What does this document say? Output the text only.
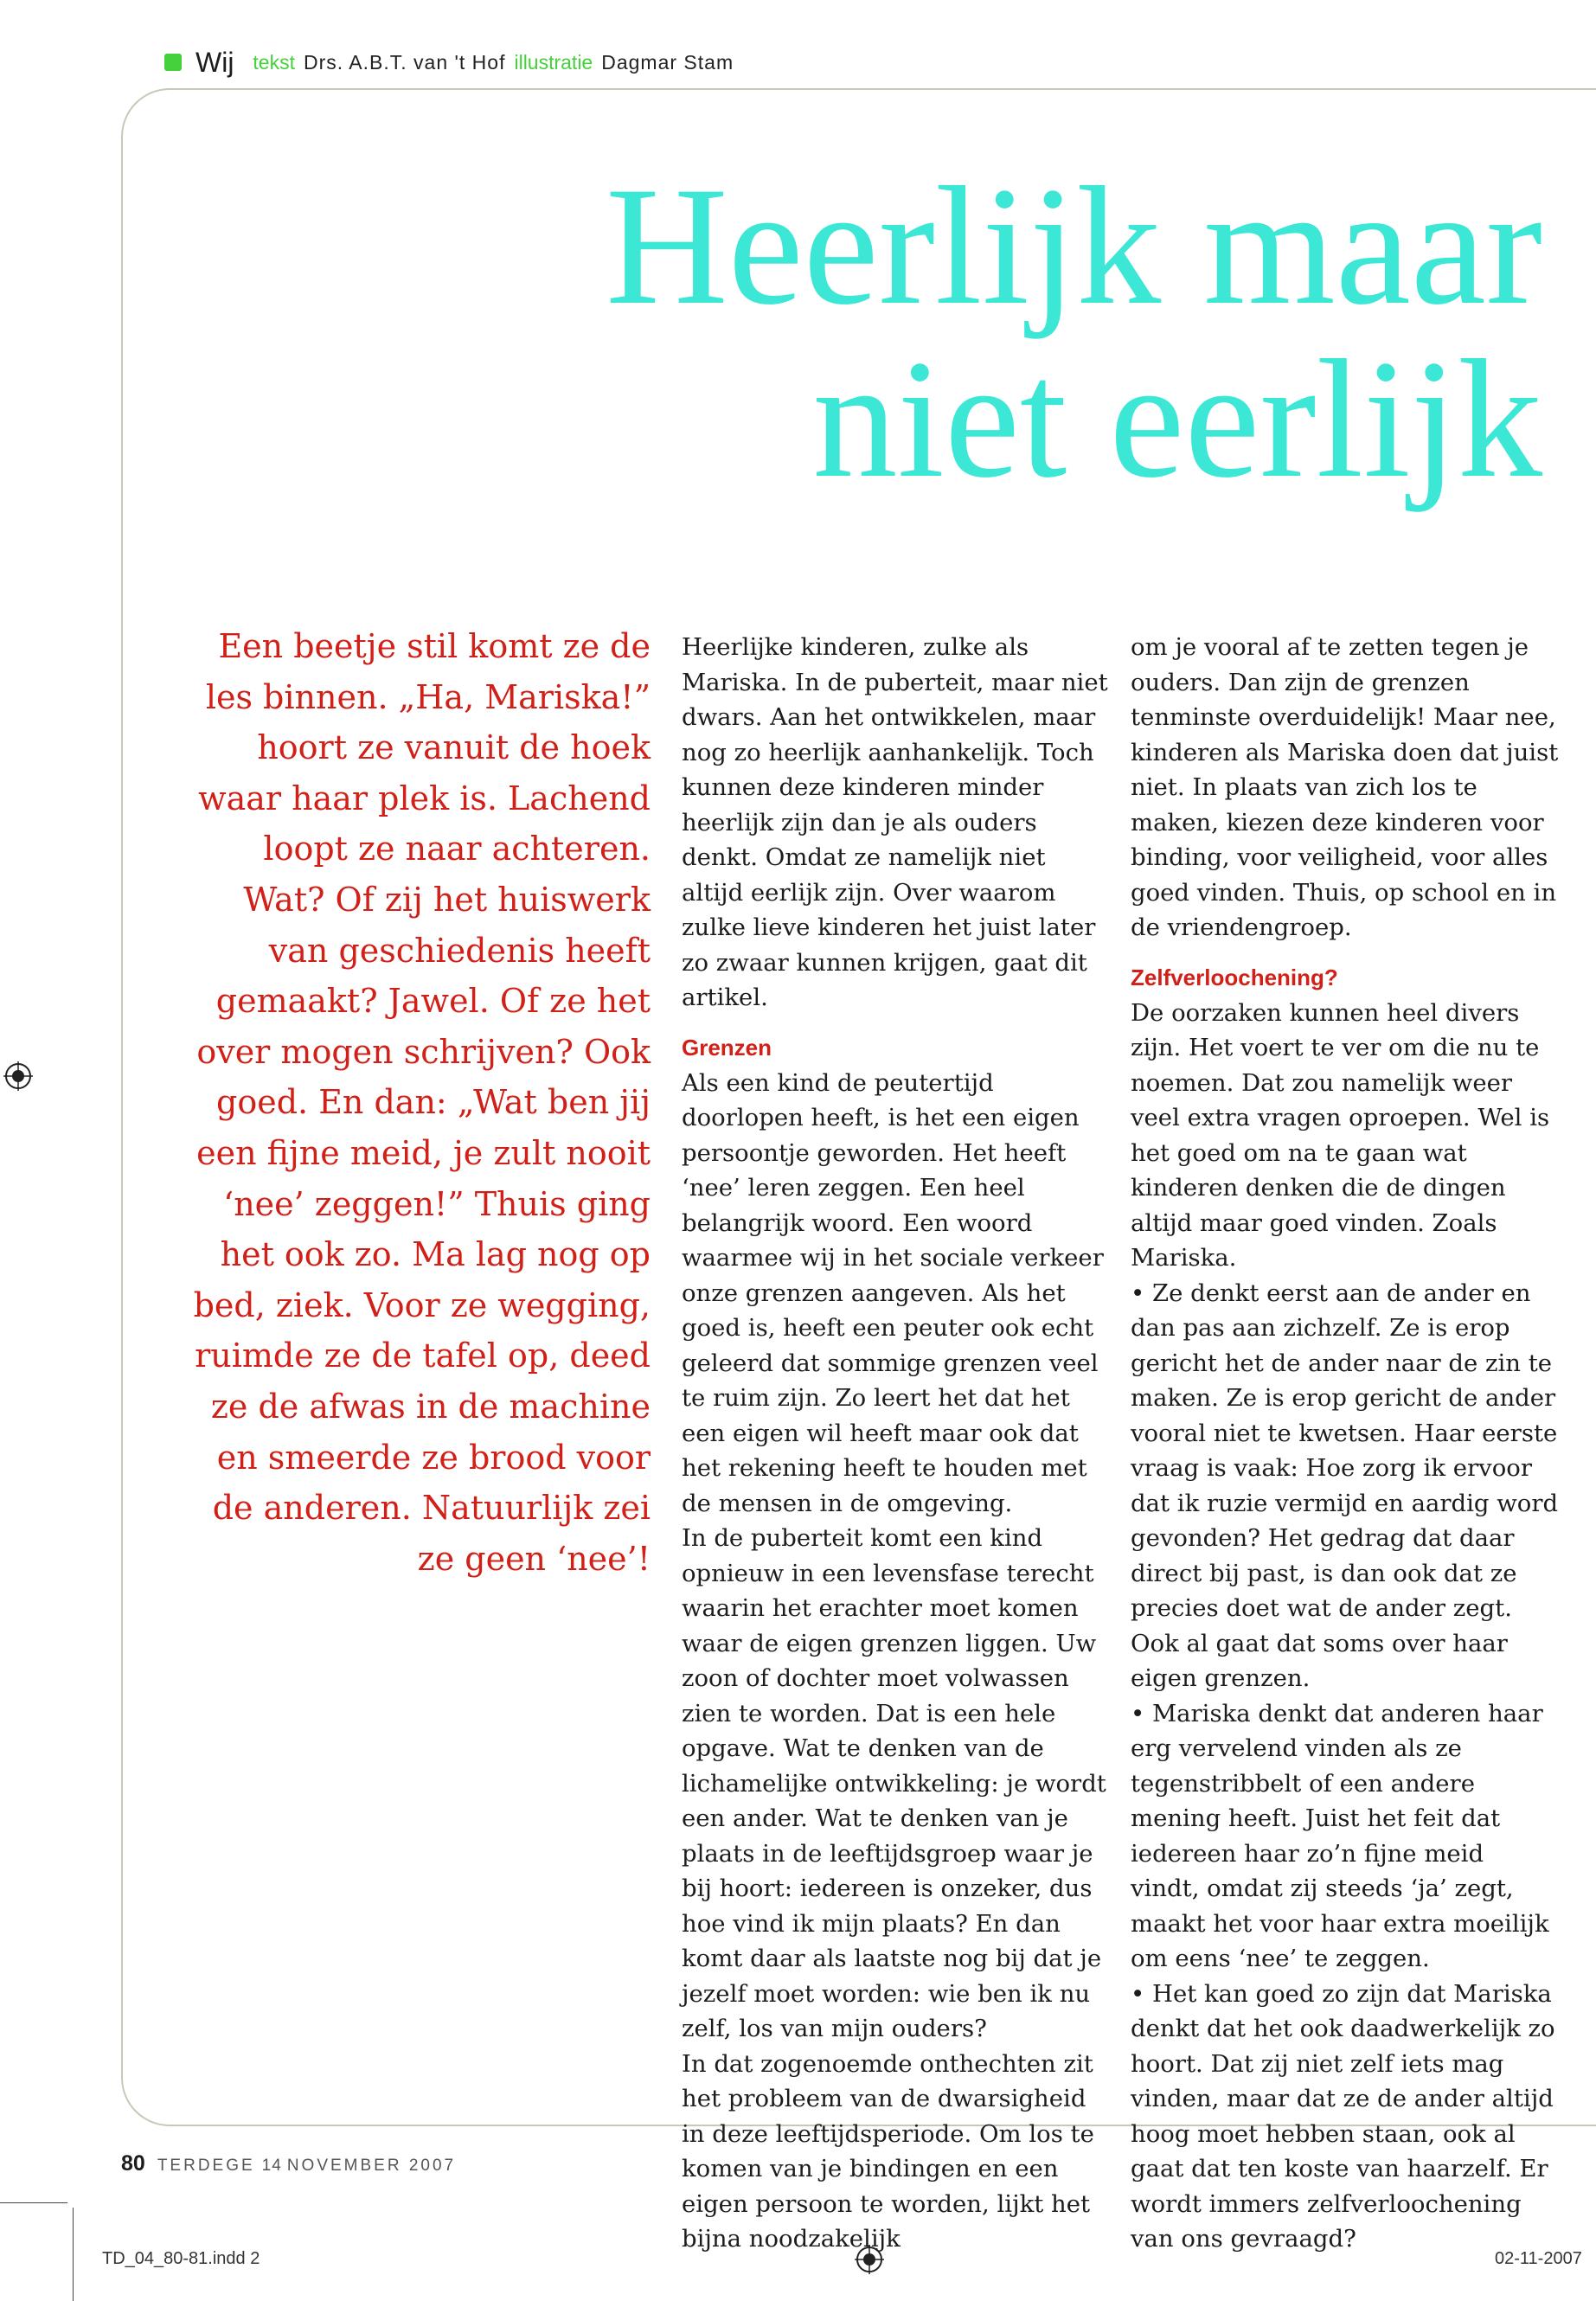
Wij tekst Drs. A.B.T. van 't Hof illustratie Dagmar Stam
Heerlijk maar
niet eerlijk
Een beetje stil komt ze de les binnen. „Ha, Mariska!” hoort ze vanuit de hoek waar haar plek is. Lachend loopt ze naar achteren. Wat? Of zij het huiswerk van geschiedenis heeft gemaakt? Jawel. Of ze het over mogen schrijven? Ook goed. En dan: „Wat ben jij een fijne meid, je zult nooit ‘nee’ zeggen!” Thuis ging het ook zo. Ma lag nog op bed, ziek. Voor ze wegging, ruimde ze de tafel op, deed ze de afwas in de machine en smeerde ze brood voor de anderen. Natuurlijk zei ze geen ‘nee’!

Heerlijke kinderen, zulke als Mariska. In de puberteit, maar niet dwars. Aan het ontwikkelen, maar nog zo heerlijk aanhankelijk. Toch kunnen deze kinderen minder heerlijk zijn dan je als ouders denkt. Omdat ze namelijk niet altijd eerlijk zijn. Over waarom zulke lieve kinderen het juist later zo zwaar kunnen krijgen, gaat dit artikel.

Grenzen

Als een kind de peutertijd doorlopen heeft, is het een eigen persoontje geworden. Het heeft ‘nee’ leren zeggen. Een heel belangrijk woord. Een woord waarmee wij in het sociale verkeer onze grenzen aangeven. Als het goed is, heeft een peuter ook echt geleerd dat sommige grenzen veel te ruim zijn. Zo leert het dat het een eigen wil heeft maar ook dat het rekening heeft te houden met de mensen in de omgeving.

In de puberteit komt een kind opnieuw in een levensfase terecht waarin het erachter moet komen waar de eigen grenzen liggen. Uw zoon of dochter moet volwassen zien te worden. Dat is een hele opgave. Wat te denken van de lichamelijke ontwikkeling: je wordt een ander. Wat te denken van je plaats in de leeftijdsgroep waar je bij hoort: iedereen is onzeker, dus hoe vind ik mijn plaats? En dan komt daar als laatste nog bij dat je jezelf moet worden: wie ben ik nu zelf, los van mijn ouders?

In dat zogenoemde onthechten zit het probleem van de dwarsigheid in deze leeftijdsperiode. Om los te komen van je bindingen en een eigen persoon te worden, lijkt het bijna noodzakelijk

om je vooral af te zetten tegen je ouders. Dan zijn de grenzen tenminste overduidelijk! Maar nee, kinderen als Mariska doen dat juist niet. In plaats van zich los te maken, kiezen deze kinderen voor binding, voor veiligheid, voor alles goed vinden. Thuis, op school en in de vriendengroep.

Zelfverloochening?

De oorzaken kunnen heel divers zijn. Het voert te ver om die nu te noemen. Dat zou namelijk weer veel extra vragen oproepen. Wel is het goed om na te gaan wat kinderen denken die de dingen altijd maar goed vinden. Zoals Mariska.

• Ze denkt eerst aan de ander en dan pas aan zichzelf. Ze is erop gericht het de ander naar de zin te maken. Ze is erop gericht de ander vooral niet te kwetsen. Haar eerste vraag is vaak: Hoe zorg ik ervoor dat ik ruzie vermijd en aardig word gevonden? Het gedrag dat daar direct bij past, is dan ook dat ze precies doet wat de ander zegt. Ook al gaat dat soms over haar eigen grenzen.

• Mariska denkt dat anderen haar erg vervelend vinden als ze tegenstribbelt of een andere mening heeft. Juist het feit dat iedereen haar zo’n fijne meid vindt, omdat zij steeds ‘ja’ zegt, maakt het voor haar extra moeilijk om eens ‘nee’ te zeggen.

• Het kan goed zo zijn dat Mariska denkt dat het ook daadwerkelijk zo hoort. Dat zij niet zelf iets mag vinden, maar dat ze de ander altijd hoog moet hebben staan, ook al gaat dat ten koste van haarzelf. Er wordt immers zelfverloochening van ons gevraagd?

80 TERDEGE 14 NOVEMBER 2007
TD_04_80-81.indd 2	02-11-2007
